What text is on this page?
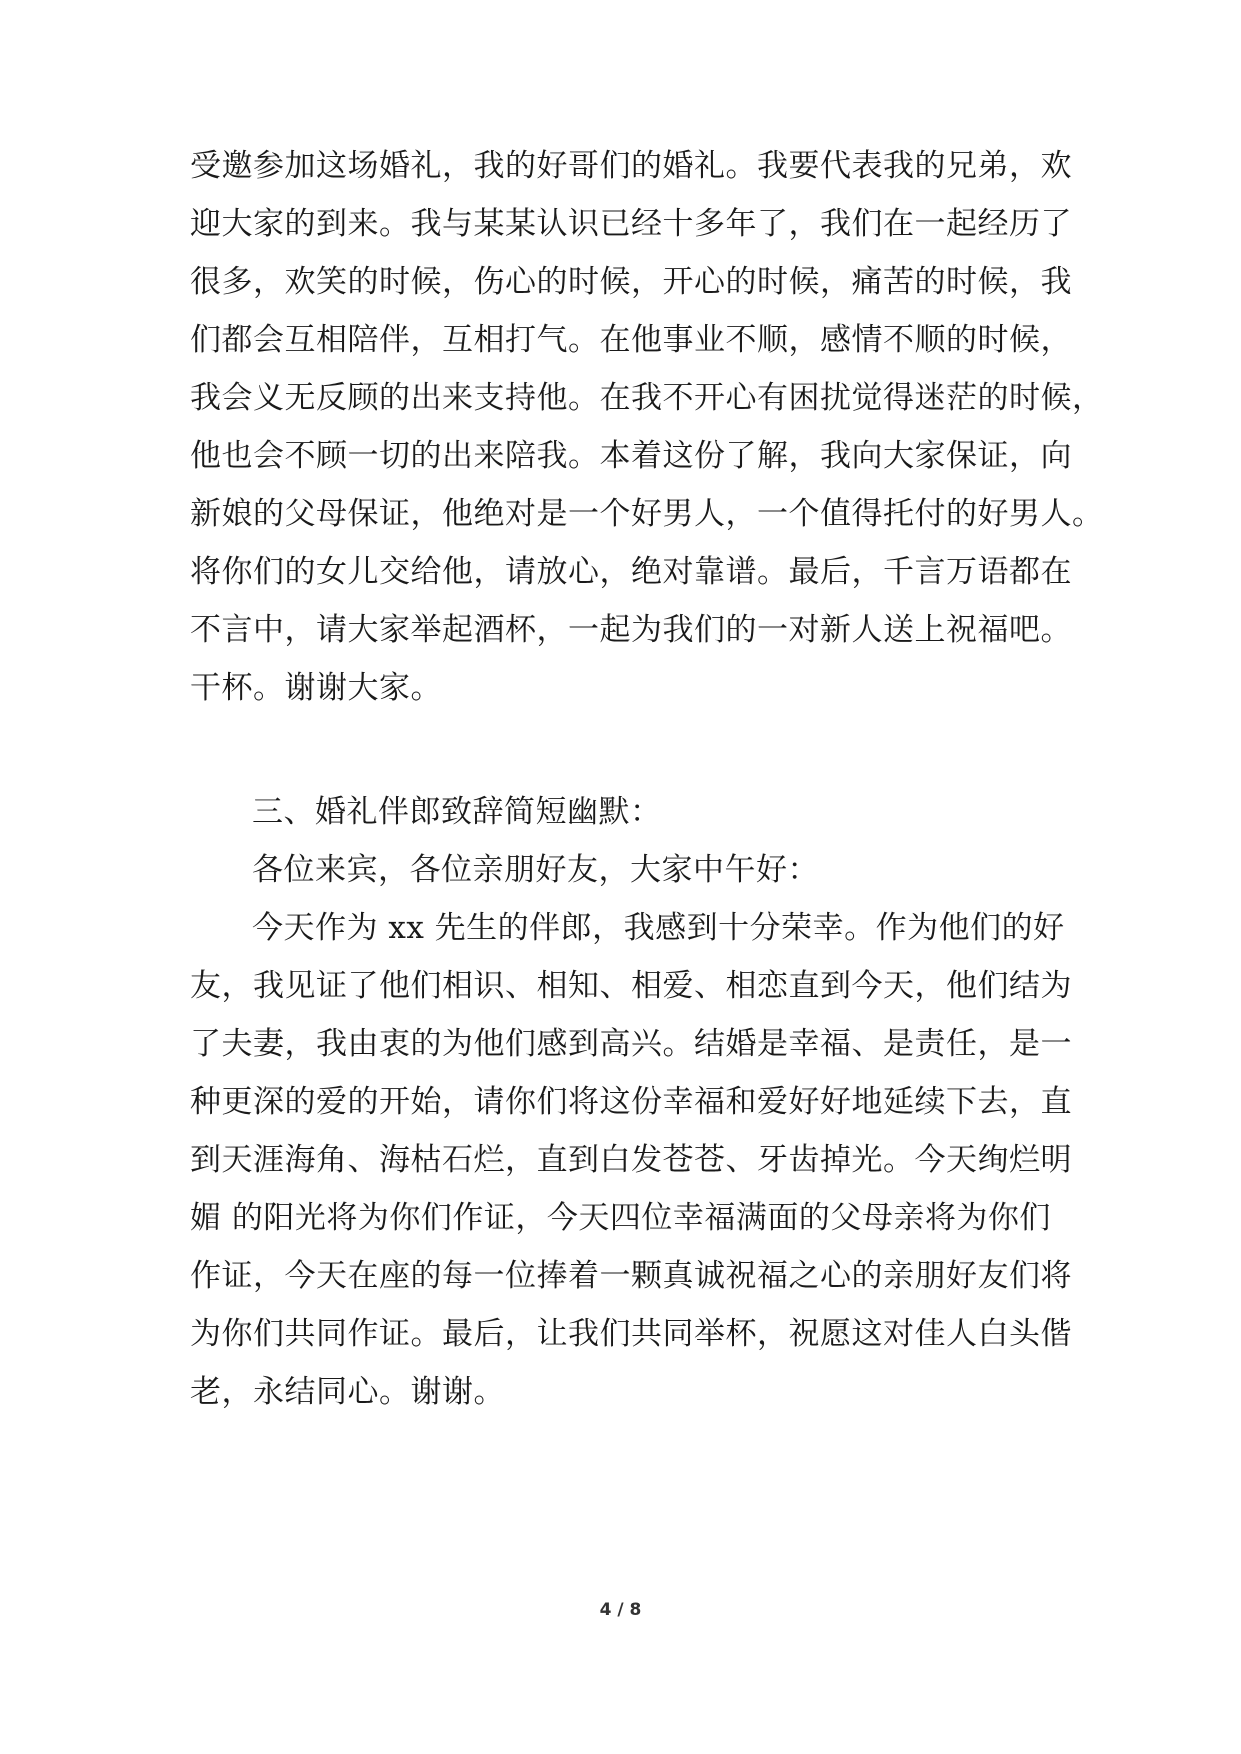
受邀参加这场婚礼，我的好哥们的婚礼。我要代表我的兄弟，欢
迎大家的到来。我与某某认识已经十多年了，我们在一起经历了
很多，欢笑的时候，伤心的时候，开心的时候，痛苦的时候，我
们都会互相陪伴，互相打气。在他事业不顺，感情不顺的时候，
我会义无反顾的出来支持他。在我不开心有困扰觉得迷茫的时候，
他也会不顾一切的出来陪我。本着这份了解，我向大家保证，向
新娘的父母保证，他绝对是一个好男人，一个值得托付的好男人。
将你们的女儿交给他，请放心，绝对靠谱。最后，千言万语都在
不言中，请大家举起酒杯，一起为我们的一对新人送上祝福吧。
干杯。谢谢大家。
三、婚礼伴郎致辞简短幽默：
各位来宾，各位亲朋好友，大家中午好：
今天作为 xx 先生的伴郎，我感到十分荣幸。作为他们的好
友，我见证了他们相识、相知、相爱、相恋直到今天，他们结为
了夫妻，我由衷的为他们感到高兴。结婚是幸福、是责任，是一
种更深的爱的开始，请你们将这份幸福和爱好好地延续下去，直
到天涯海角、海枯石烂，直到白发苍苍、牙齿掉光。今天绚烂明
媚 的阳光将为你们作证，今天四位幸福满面的父母亲将为你们
作证，今天在座的每一位捧着一颗真诚祝福之心的亲朋好友们将
为你们共同作证。最后，让我们共同举杯，祝愿这对佳人白头偕
老，永结同心。谢谢。
4 / 8
